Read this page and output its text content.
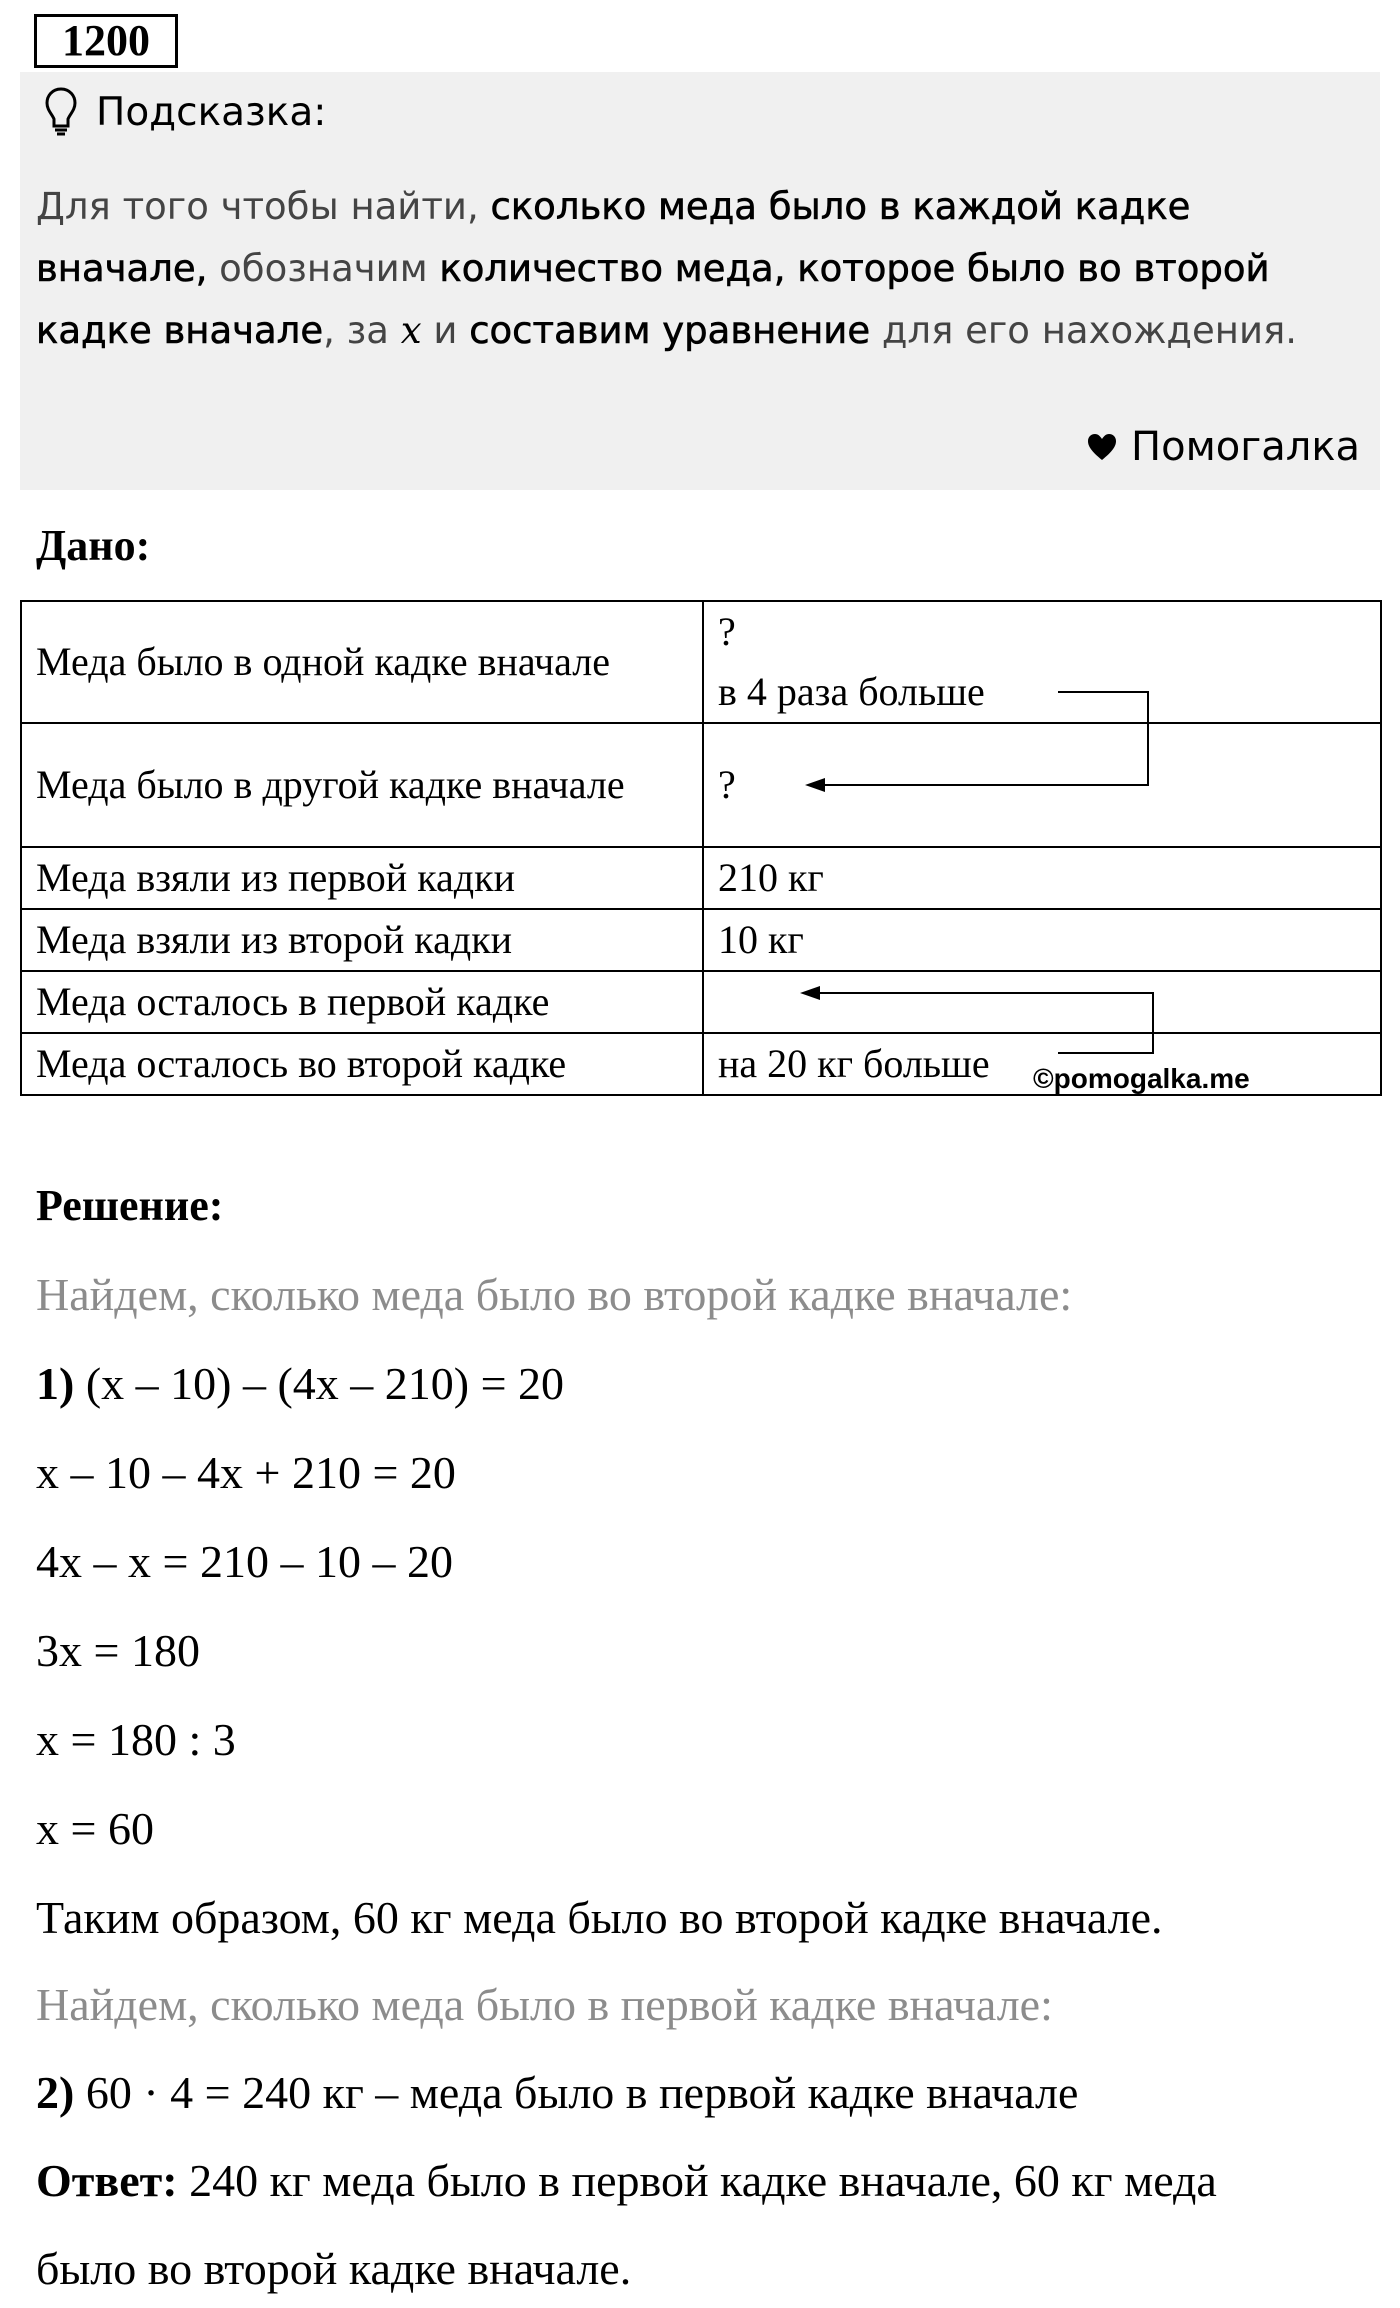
1200
Подсказка:
Для того чтобы найти, сколько меда было в каждой кадке вначале, обозначим количество меда, которое было во второй кадке вначале, за x и составим уравнение для его нахождения.
Помогалка
Дано:
Меда было в одной кадке вначале	?
в 4 раза больше

Меда было в другой кадке вначале	?
Меда взяли из первой кадки	210 кг
Меда взяли из второй кадки	10 кг
Меда осталось в первой кадке	
Меда осталось во второй кадке	на 20 кг больше ©pomogalka.me
Решение:
Найдем, сколько меда было во второй кадке вначале:
1) (x – 10) – (4x – 210) = 20
x – 10 – 4x + 210 = 20
4x – x = 210 – 10 – 20
3x = 180
x = 180 : 3
x = 60
Таким образом, 60 кг меда было во второй кадке вначале.
Найдем, сколько меда было в первой кадке вначале:
2) 60 · 4 = 240 кг – меда было в первой кадке вначале
Ответ: 240 кг меда было в первой кадке вначале, 60 кг меда
было во второй кадке вначале.
